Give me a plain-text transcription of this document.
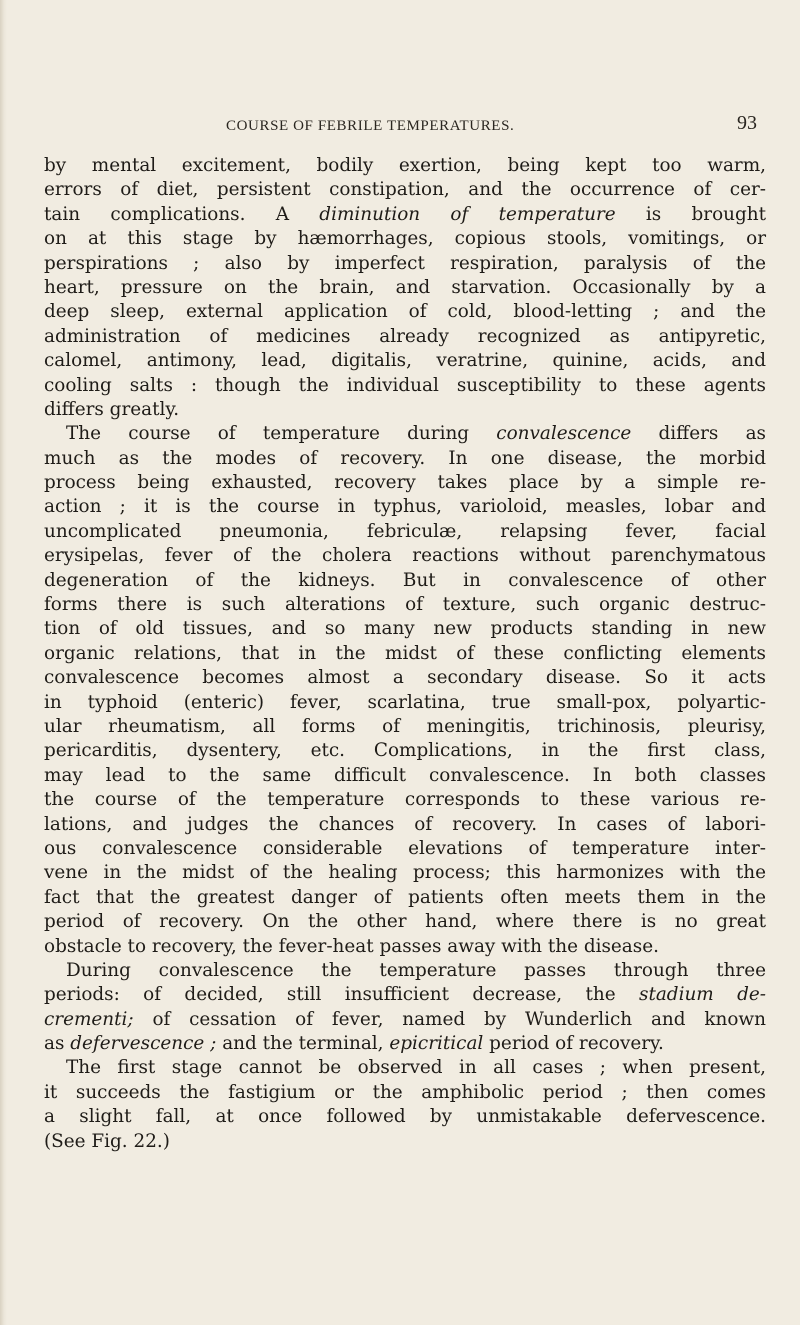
COURSE OF FEBRILE TEMPERATURES.	93
by mental excitement, bodily exertion, being kept too warm,
errors of diet, persistent constipation, and the occurrence of cer-
tain complications. A diminution of temperature is brought
on at this stage by hæmorrhages, copious stools, vomitings, or
perspirations ; also by imperfect respiration, paralysis of the
heart, pressure on the brain, and starvation. Occasionally by a
deep sleep, external application of cold, blood-letting ; and the
administration of medicines already recognized as antipyretic,
calomel, antimony, lead, digitalis, veratrine, quinine, acids, and
cooling salts : though the individual susceptibility to these agents
differs greatly.
The course of temperature during convalescence differs as
much as the modes of recovery. In one disease, the morbid
process being exhausted, recovery takes place by a simple re-
action ; it is the course in typhus, varioloid, measles, lobar and
uncomplicated pneumonia, febriculæ, relapsing fever, facial
erysipelas, fever of the cholera reactions without parenchymatous
degeneration of the kidneys. But in convalescence of other
forms there is such alterations of texture, such organic destruc-
tion of old tissues, and so many new products standing in new
organic relations, that in the midst of these conflicting elements
convalescence becomes almost a secondary disease. So it acts
in typhoid (enteric) fever, scarlatina, true small-pox, polyartic-
ular rheumatism, all forms of meningitis, trichinosis, pleurisy,
pericarditis, dysentery, etc. Complications, in the first class,
may lead to the same difficult convalescence. In both classes
the course of the temperature corresponds to these various re-
lations, and judges the chances of recovery. In cases of labori-
ous convalescence considerable elevations of temperature inter-
vene in the midst of the healing process; this harmonizes with the
fact that the greatest danger of patients often meets them in the
period of recovery. On the other hand, where there is no great
obstacle to recovery, the fever-heat passes away with the disease.
During convalescence the temperature passes through three
periods: of decided, still insufficient decrease, the stadium de-
crementi; of cessation of fever, named by Wunderlich and known
as defervescence ; and the terminal, epicritical period of recovery.
The first stage cannot be observed in all cases ; when present,
it succeeds the fastigium or the amphibolic period ; then comes
a slight fall, at once followed by unmistakable defervescence.
(See Fig. 22.)
